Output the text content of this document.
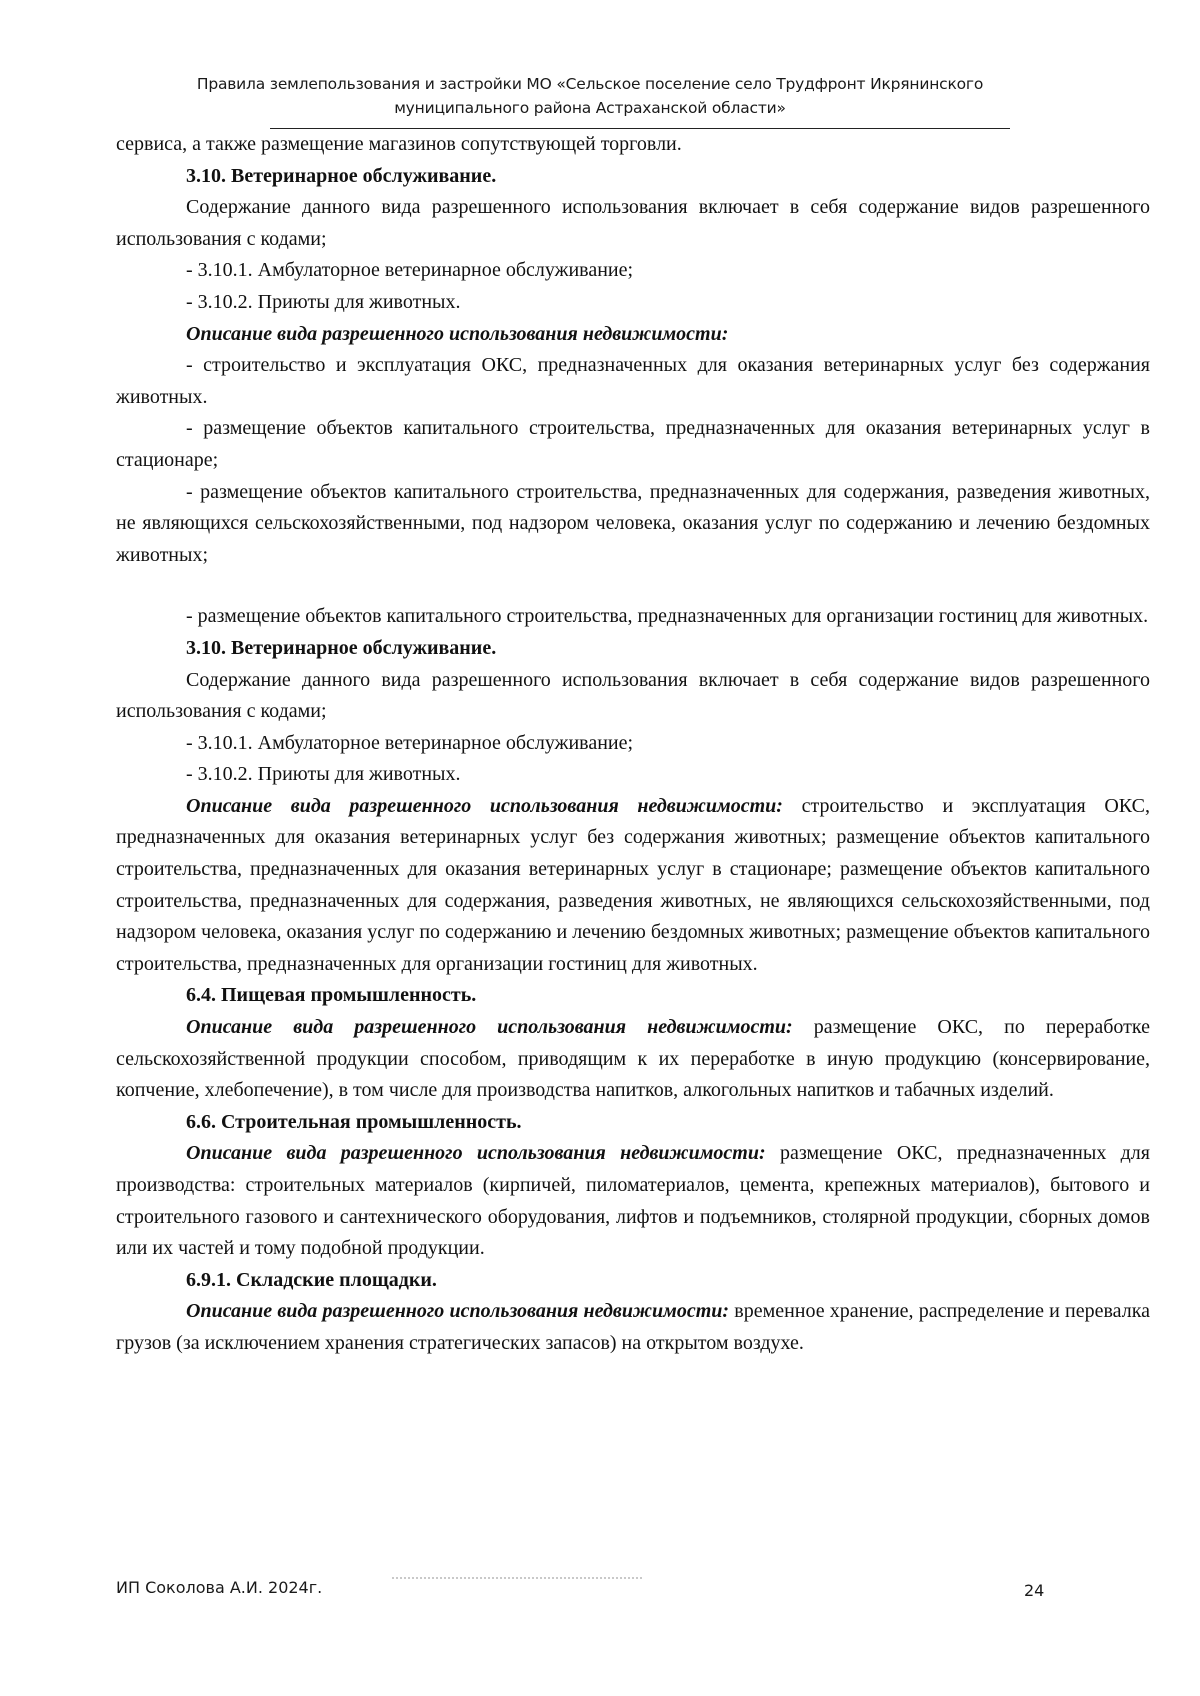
Правила землепользования и застройки МО «Сельское поселение село Трудфронт Икрянинского
муниципального района Астраханской области»

сервиса, а также размещение магазинов сопутствующей торговли.

3.10. Ветеринарное обслуживание.

Содержание данного вида разрешенного использования включает в себя содержание видов разрешенного использования с кодами;

- 3.10.1. Амбулаторное ветеринарное обслуживание;

- 3.10.2. Приюты для животных.

Описание вида разрешенного использования недвижимости:

- строительство и эксплуатация ОКС, предназначенных для оказания ветеринарных услуг без содержания животных.

- размещение объектов капитального строительства, предназначенных для оказания ветеринарных услуг в стационаре;

- размещение объектов капитального строительства, предназначенных для содержания, разведения животных, не являющихся сельскохозяйственными, под надзором человека, оказания услуг по содержанию и лечению бездомных животных;

- размещение объектов капитального строительства, предназначенных для организации гостиниц для животных.

3.10. Ветеринарное обслуживание.

Содержание данного вида разрешенного использования включает в себя содержание видов разрешенного использования с кодами;

- 3.10.1. Амбулаторное ветеринарное обслуживание;

- 3.10.2. Приюты для животных.

Описание вида разрешенного использования недвижимости: строительство и эксплуатация ОКС, предназначенных для оказания ветеринарных услуг без содержания животных; размещение объектов капитального строительства, предназначенных для оказания ветеринарных услуг в стационаре; размещение объектов капитального строительства, предназначенных для содержания, разведения животных, не являющихся сельскохозяйственными, под надзором человека, оказания услуг по содержанию и лечению бездомных животных; размещение объектов капитального строительства, предназначенных для организации гостиниц для животных.

6.4. Пищевая промышленность.

Описание вида разрешенного использования недвижимости: размещение ОКС, по переработке сельскохозяйственной продукции способом, приводящим к их переработке в иную продукцию (консервирование, копчение, хлебопечение), в том числе для производства напитков, алкогольных напитков и табачных изделий.

6.6. Строительная промышленность.

Описание вида разрешенного использования недвижимости: размещение ОКС, предназначенных для производства: строительных материалов (кирпичей, пиломатериалов, цемента, крепежных материалов), бытового и строительного газового и сантехнического оборудования, лифтов и подъемников, столярной продукции, сборных домов или их частей и тому подобной продукции.

6.9.1. Складские площадки.

Описание вида разрешенного использования недвижимости: временное хранение, распределение и перевалка грузов (за исключением хранения стратегических запасов) на открытом воздухе.

ИП Соколова А.И. 2024г.	24
